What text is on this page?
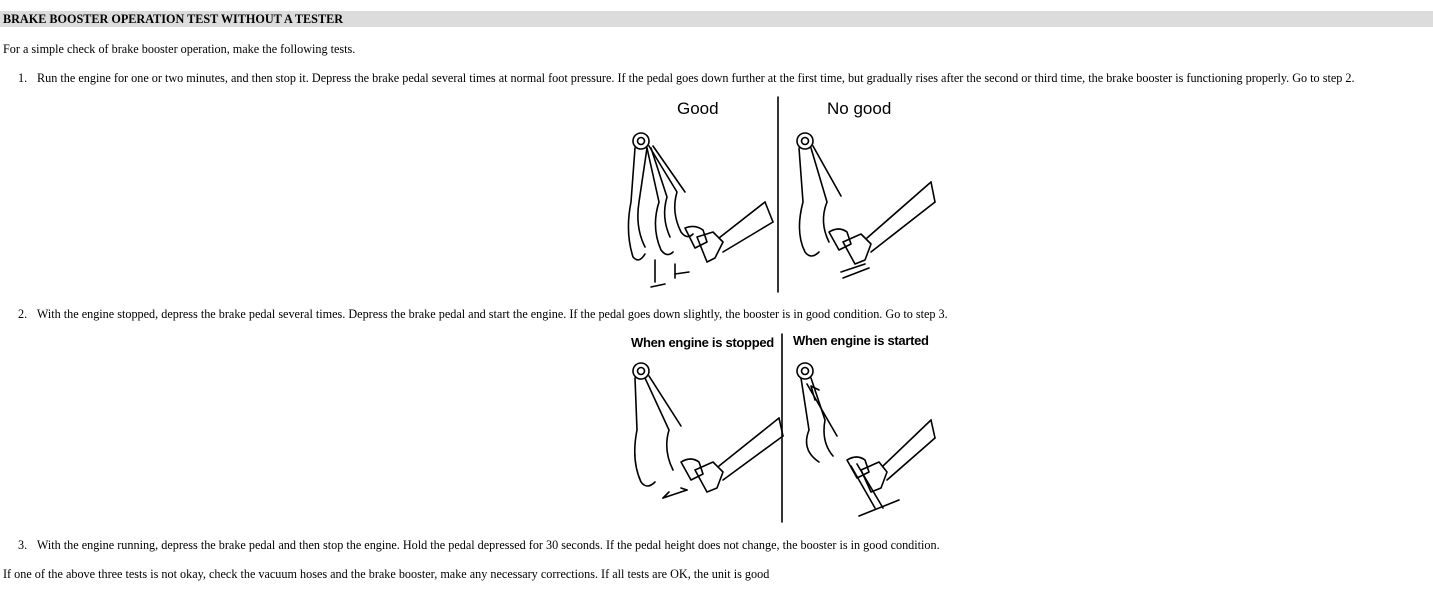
BRAKE BOOSTER OPERATION TEST WITHOUT A TESTER
For a simple check of brake booster operation, make the following tests.
1. Run the engine for one or two minutes, and then stop it. Depress the brake pedal several times at normal foot pressure. If the pedal goes down further at the first time, but gradually rises after the second or third time, the brake booster is functioning properly. Go to step 2.
Good	No good
2. With the engine stopped, depress the brake pedal several times. Depress the brake pedal and start the engine. If the pedal goes down slightly, the booster is in good condition. Go to step 3.
When engine is stopped When engine is started
3. With the engine running, depress the brake pedal and then stop the engine. Hold the pedal depressed for 30 seconds. If the pedal height does not change, the booster is in good condition.
If one of the above three tests is not okay, check the vacuum hoses and the brake booster, make any necessary corrections. If all tests are OK, the unit is good
